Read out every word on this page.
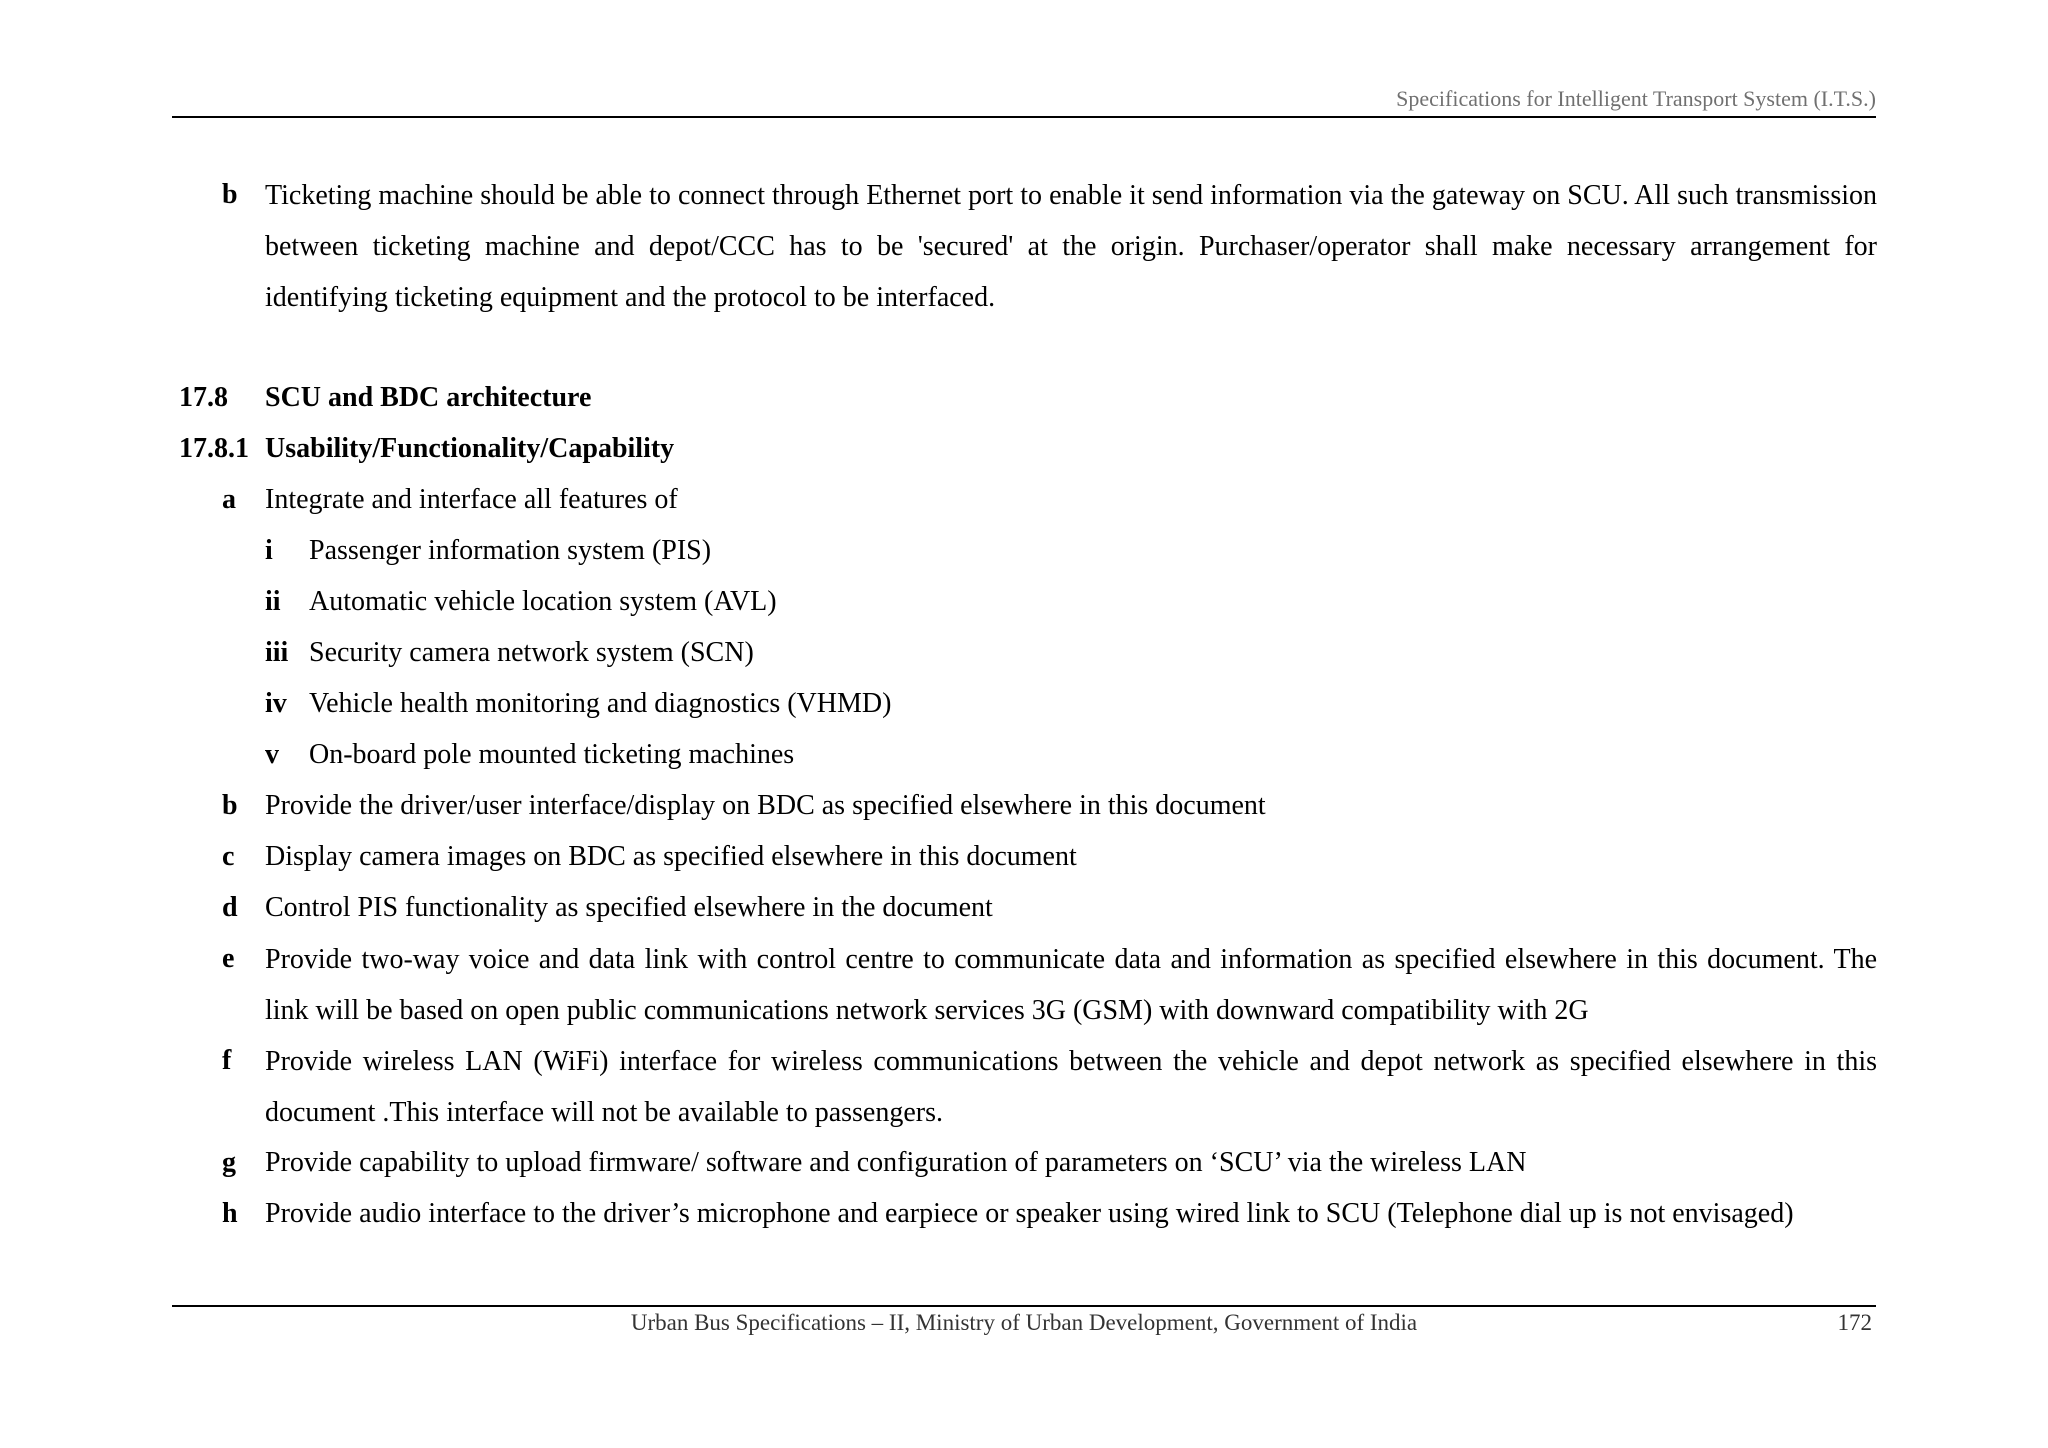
Specifications for Intelligent Transport System (I.T.S.)
b Ticketing machine should be able to connect through Ethernet port to enable it send information via the gateway on SCU. All such transmission between ticketing machine and depot/CCC has to be 'secured' at the origin. Purchaser/operator shall make necessary arrangement for identifying ticketing equipment and the protocol to be interfaced.
17.8 SCU and BDC architecture
17.8.1 Usability/Functionality/Capability
a Integrate and interface all features of
i Passenger information system (PIS)
ii Automatic vehicle location system (AVL)
iii Security camera network system (SCN)
iv Vehicle health monitoring and diagnostics (VHMD)
v On-board pole mounted ticketing machines
b Provide the driver/user interface/display on BDC as specified elsewhere in this document
c Display camera images on BDC as specified elsewhere in this document
d Control PIS functionality as specified elsewhere in the document
e Provide two-way voice and data link with control centre to communicate data and information as specified elsewhere in this document. The link will be based on open public communications network services 3G (GSM) with downward compatibility with 2G
f Provide wireless LAN (WiFi) interface for wireless communications between the vehicle and depot network as specified elsewhere in this document .This interface will not be available to passengers.
g Provide capability to upload firmware/ software and configuration of parameters on ‘SCU’ via the wireless LAN
h Provide audio interface to the driver’s microphone and earpiece or speaker using wired link to SCU (Telephone dial up is not envisaged)
Urban Bus Specifications – II, Ministry of Urban Development, Government of India	172
